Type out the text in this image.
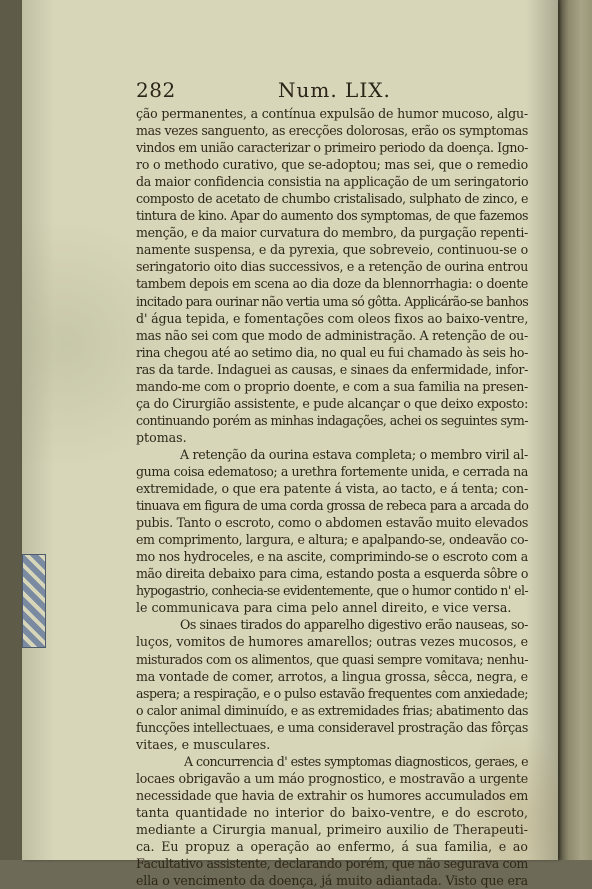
282	Num. LIX.
ção permanentes, a contínua expulsão de humor mucoso, algu-
mas vezes sanguento, as erecções dolorosas, erão os symptomas
vindos em união caracterizar o primeiro periodo da doença. Igno-
ro o methodo curativo, que se-adoptou; mas sei, que o remedio
da maior confidencia consistia na applicação de um seringatorio
composto de acetato de chumbo cristalisado, sulphato de zinco, e
tintura de kino. Apar do aumento dos symptomas, de que fazemos
menção, e da maior curvatura do membro, da purgação repenti-
namente suspensa, e da pyrexia, que sobreveio, continuou-se o
seringatorio oito dias successivos, e a retenção de ourina entrou
tambem depois em scena ao dia doze da blennorrhagia: o doente
incitado para ourinar não vertia uma só gôtta. Applicárão-se banhos
d' água tepida, e fomentações com oleos fixos ao baixo-ventre,
mas não sei com que modo de administração. A retenção de ou-
rina chegou até ao setimo dia, no qual eu fui chamado às seis ho-
ras da tarde. Indaguei as causas, e sinaes da enfermidade, infor-
mando-me com o proprio doente, e com a sua familia na presen-
ça do Cirurgião assistente, e pude alcançar o que deixo exposto:
continuando porém as minhas indagações, achei os seguintes sym-
ptomas.
A retenção da ourina estava completa; o membro viril al-
guma coisa edematoso; a urethra fortemente unida, e cerrada na
extremidade, o que era patente á vista, ao tacto, e á tenta; con-
tinuava em figura de uma corda grossa de rebeca para a arcada do
pubis. Tanto o escroto, como o abdomen estavão muito elevados
em comprimento, largura, e altura; e apalpando-se, ondeavão co-
mo nos hydroceles, e na ascite, comprimindo-se o escroto com a
mão direita debaixo para cima, estando posta a esquerda sôbre o
hypogastrio, conhecia-se evidentemente, que o humor contido n' el-
le communicava para cima pelo annel direito, e vice versa.
Os sinaes tirados do apparelho digestivo erão nauseas, so-
luços, vomitos de humores amarellos; outras vezes mucosos, e
misturados com os alimentos, que quasi sempre vomitava; nenhu-
ma vontade de comer, arrotos, a lingua grossa, sêcca, negra, e
aspera; a respiração, e o pulso estavão frequentes com anxiedade;
o calor animal diminuído, e as extremidades frias; abatimento das
funcções intellectuaes, e uma consideravel prostração das fôrças
vitaes, e musculares.
A concurrencia d' estes symptomas diagnosticos, geraes, e
locaes obrigavão a um máo prognostico, e mostravão a urgente
necessidade que havia de extrahir os humores accumulados em
tanta quantidade no interior do baixo-ventre, e do escroto,
mediante a Cirurgia manual, primeiro auxilio de Therapeuti-
ca. Eu propuz a operação ao enfermo, á sua familia, e ao
Facultativo assistente, declarando porém, que não segurava com
ella o vencimento da doença, já muito adiantada. Visto que era
